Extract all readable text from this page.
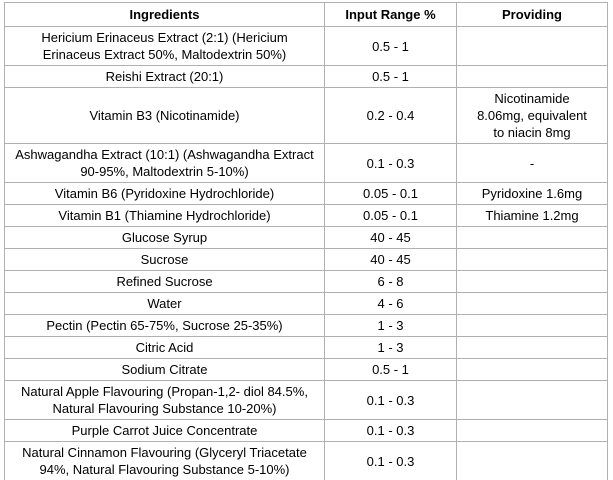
Ingredients	Input Range %	Providing
Hericium Erinaceus Extract (2:1) (Hericium Erinaceus Extract 50%, Maltodextrin 50%)	0.5 - 1	
Reishi Extract (20:1)	0.5 - 1	
Vitamin B3 (Nicotinamide)	0.2 - 0.4	Nicotinamide 8.06mg, equivalent to niacin 8mg
Ashwagandha Extract (10:1) (Ashwagandha Extract 90-95%, Maltodextrin 5-10%)	0.1 - 0.3	-
Vitamin B6 (Pyridoxine Hydrochloride)	0.05 - 0.1	Pyridoxine 1.6mg
Vitamin B1 (Thiamine Hydrochloride)	0.05 - 0.1	Thiamine 1.2mg
Glucose Syrup	40 - 45	
Sucrose	40 - 45	
Refined Sucrose	6 - 8	
Water	4 - 6	
Pectin (Pectin 65-75%, Sucrose 25-35%)	1 - 3	
Citric Acid	1 - 3	
Sodium Citrate	0.5 - 1	
Natural Apple Flavouring (Propan-1,2- diol 84.5%, Natural Flavouring Substance 10-20%)	0.1 - 0.3	
Purple Carrot Juice Concentrate	0.1 - 0.3	
Natural Cinnamon Flavouring (Glyceryl Triacetate 94%, Natural Flavouring Substance 5-10%)	0.1 - 0.3	
